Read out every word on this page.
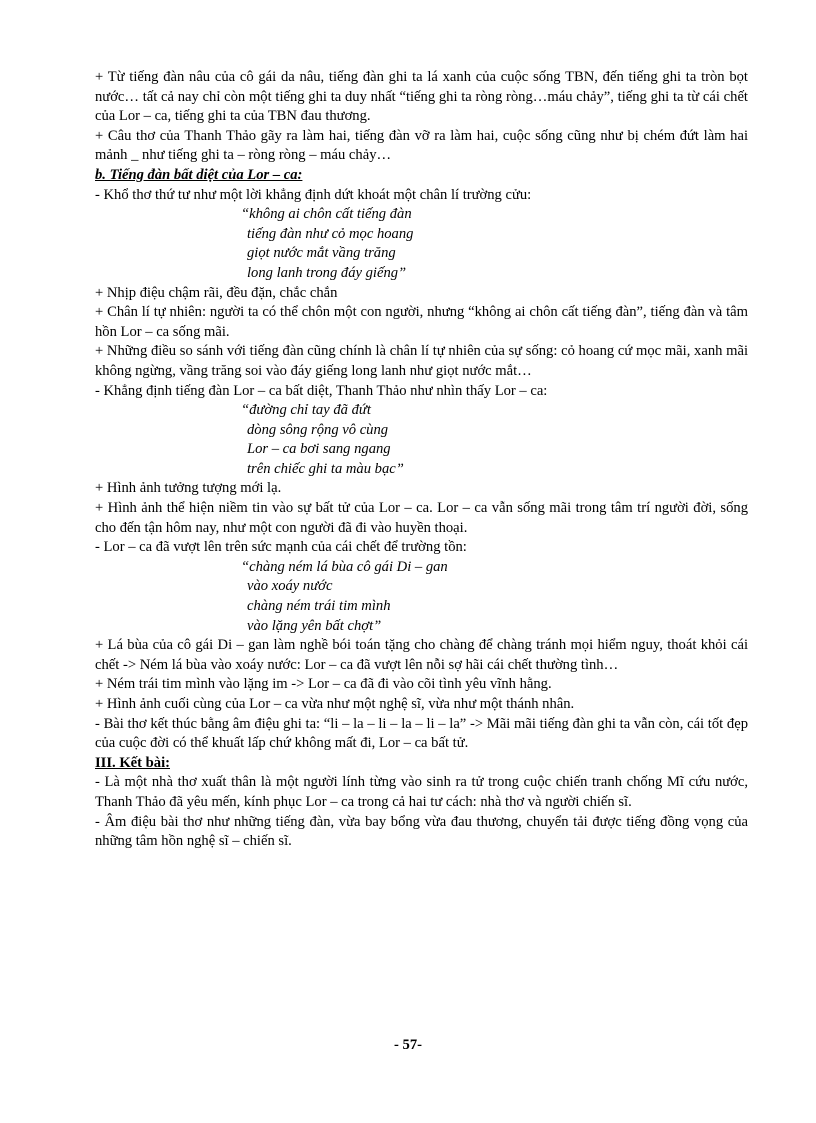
+ Từ tiếng đàn nâu của cô gái da nâu, tiếng đàn ghi ta lá xanh của cuộc sống TBN, đến tiếng ghi ta tròn bọt nước… tất cả nay chỉ còn một tiếng ghi ta duy nhất “tiếng ghi ta ròng ròng…máu chảy”, tiếng ghi ta từ cái chết của Lor – ca, tiếng ghi ta của TBN đau thương.

+ Câu thơ của Thanh Thảo gãy ra làm hai, tiếng đàn vỡ ra làm hai, cuộc sống cũng như bị chém đứt làm hai mảnh _ như tiếng ghi ta – ròng ròng – máu chảy…

b. Tiếng đàn bất diệt của Lor – ca:

- Khổ thơ thứ tư như một lời khẳng định dứt khoát một chân lí trường cửu:

“không ai chôn cất tiếng đàn
tiếng đàn như cỏ mọc hoang
giọt nước mắt vầng trăng
long lanh trong đáy giếng”

+ Nhịp điệu chậm rãi, đều đặn, chắc chắn

+ Chân lí tự nhiên: người ta có thể chôn một con người, nhưng “không ai chôn cất tiếng đàn”, tiếng đàn và tâm hồn Lor – ca sống mãi.

+ Những điều so sánh với tiếng đàn cũng chính là chân lí tự nhiên của sự sống: cỏ hoang cứ mọc mãi, xanh mãi không ngừng, vầng trăng soi vào đáy giếng long lanh như giọt nước mắt…

- Khẳng định tiếng đàn Lor – ca bất diệt, Thanh Thảo như nhìn thấy Lor – ca:

“đường chỉ tay đã đứt
dòng sông rộng vô cùng
Lor – ca bơi sang ngang
trên chiếc ghi ta màu bạc”

+ Hình ảnh tưởng tượng mới lạ.

+ Hình ảnh thể hiện niềm tin vào sự bất tử của Lor – ca. Lor – ca vẫn sống mãi trong tâm trí người đời, sống cho đến tận hôm nay, như một con người đã đi vào huyền thoại.

- Lor – ca đã vượt lên trên sức mạnh của cái chết để trường tồn:

“chàng ném lá bùa cô gái Di – gan
vào xoáy nước
chàng ném trái tim mình
vào lặng yên bất chợt”

+ Lá bùa của cô gái Di – gan làm nghề bói toán tặng cho chàng để chàng tránh mọi hiểm nguy, thoát khỏi cái chết -> Ném lá bùa vào xoáy nước: Lor – ca đã vượt lên nỗi sợ hãi cái chết thường tình…

+ Ném trái tim mình vào lặng im -> Lor – ca đã đi vào cõi tình yêu vĩnh hằng.

+ Hình ảnh cuối cùng của Lor – ca vừa như một nghệ sĩ, vừa như một thánh nhân.

- Bài thơ kết thúc bằng âm điệu ghi ta: “li – la – li – la – li – la” -> Mãi mãi tiếng đàn ghi ta vẫn còn, cái tốt đẹp của cuộc đời có thể khuất lấp chứ không mất đi, Lor – ca bất tử.

III. Kết bài:

- Là một nhà thơ xuất thân là một người lính từng vào sinh ra tử trong cuộc chiến tranh chống Mĩ cứu nước, Thanh Thảo đã yêu mến, kính phục Lor – ca trong cả hai tư cách: nhà thơ và người chiến sĩ.

- Âm điệu bài thơ như những tiếng đàn, vừa bay bổng vừa đau thương, chuyển tải được tiếng đồng vọng của những tâm hồn nghệ sĩ – chiến sĩ.

- 57-
